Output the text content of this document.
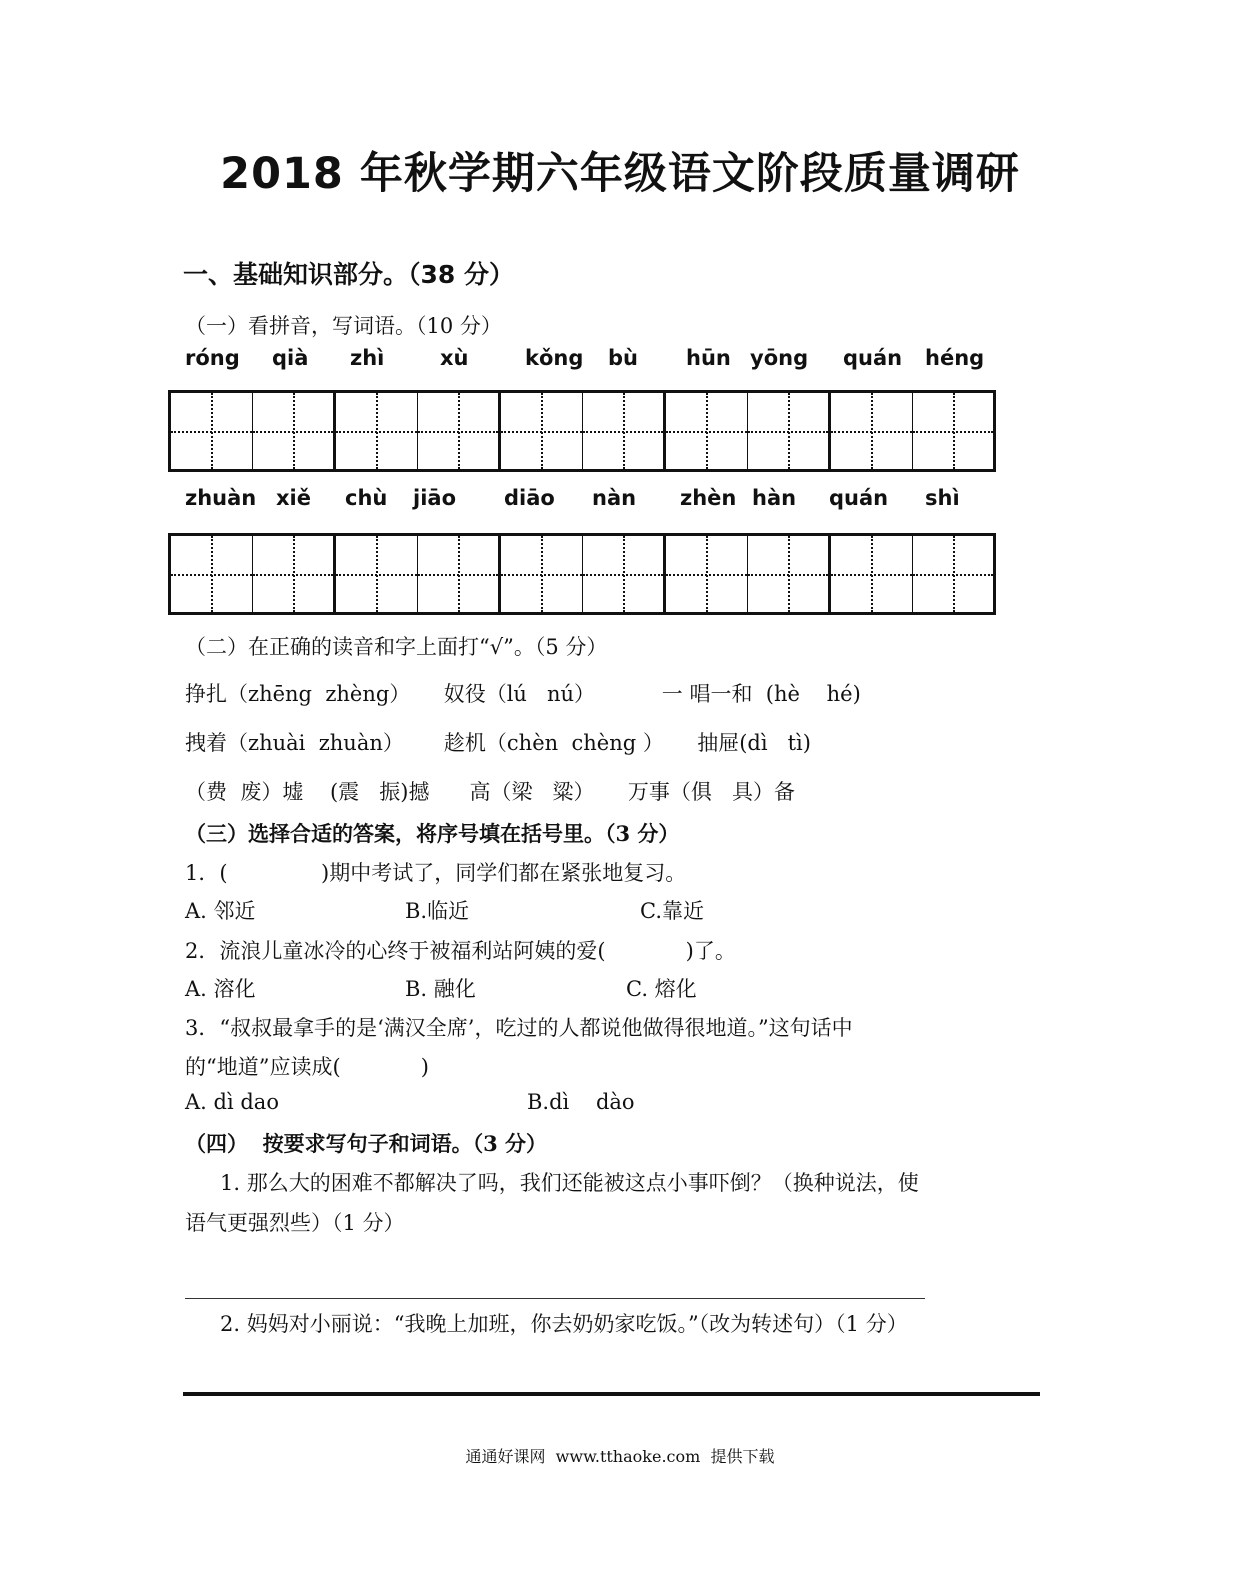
2018 年秋学期六年级语文阶段质量调研
一、基础知识部分。（38 分）
（一）看拼音，写词语。（10 分）
róng qià zhì	xù	kǒng bù hūn yōng quán héng
zhuàn xiě chù jiāo diāo nàn zhèn hàn quán shì
（二）在正确的读音和字上面打“√”。（5 分）
挣扎（zhēng  zhèng）     奴役（lú   nú）          一 唱一和  (hè    hé)
拽着（zhuài  zhuàn）      趁机（chèn  chèng ）     抽屉(dì   tì)
（费  废）墟    (震   振)撼      高（梁   粱）     万事（俱   具）备
（三）选择合适的答案，将序号填在括号里。（3 分）
1．(              )期中考试了，同学们都在紧张地复习。
A. 邻近	B.临近	C.靠近
2．流浪儿童冰冷的心终于被福利站阿姨的爱(            )了。
A. 溶化	B. 融化	C. 熔化
3．“叔叔最拿手的是‘满汉全席’，吃过的人都说他做得很地道。”这句话中
的“地道”应读成(            )
A. dì dao	B.dì    dào
（四）  按要求写句子和词语。（3 分）
1. 那么大的困难不都解决了吗，我们还能被这点小事吓倒？（换种说法，使
语气更强烈些）（1 分）
2. 妈妈对小丽说：“我晚上加班，你去奶奶家吃饭。”（改为转述句）（1 分）
通通好课网  www.tthaoke.com  提供下载
